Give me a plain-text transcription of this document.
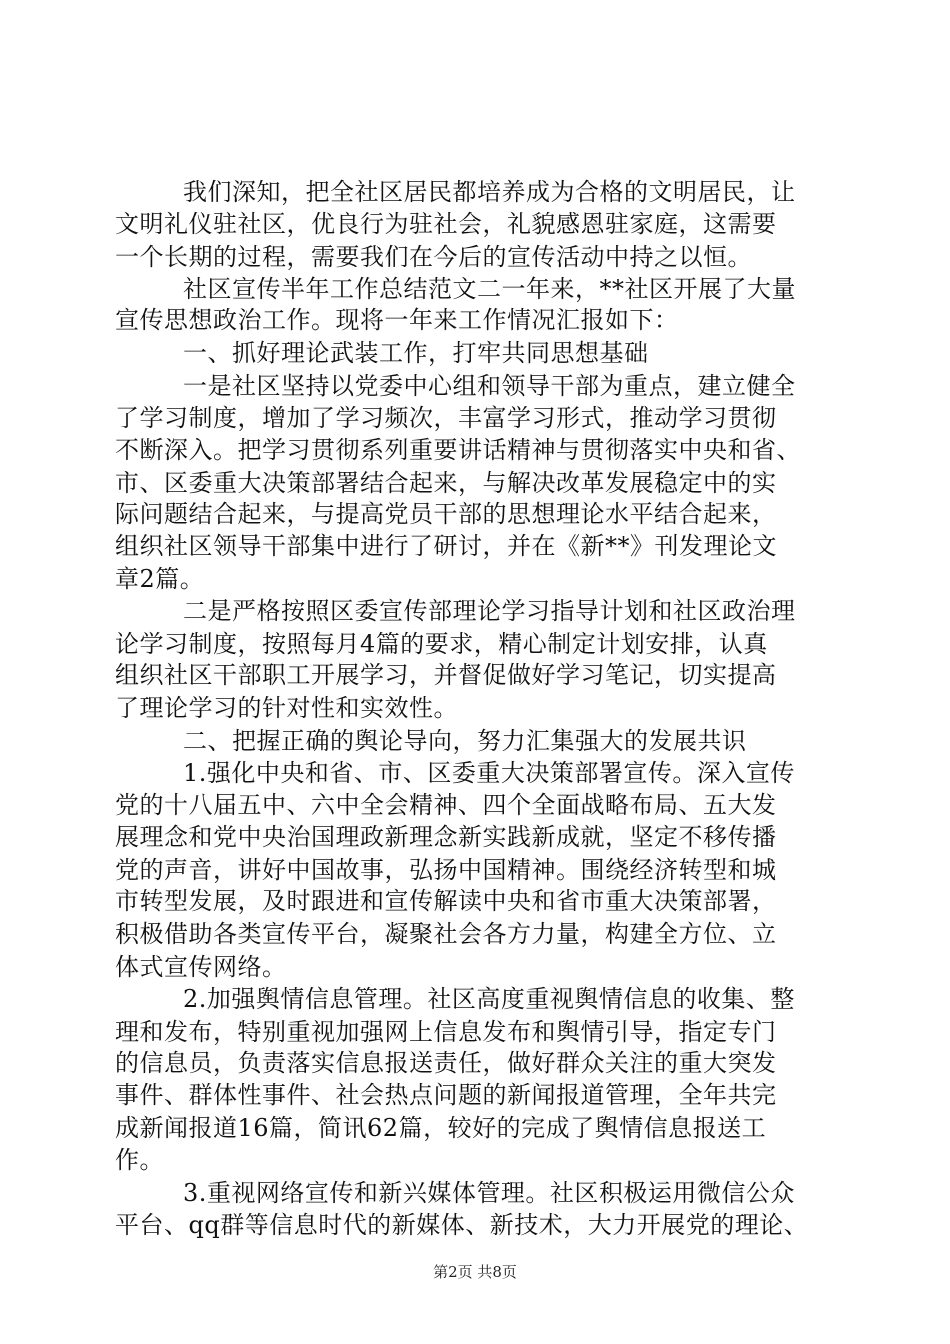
我们深知，把全社区居民都培养成为合格的文明居民，让
文明礼仪驻社区，优良行为驻社会，礼貌感恩驻家庭，这需要
一个长期的过程，需要我们在今后的宣传活动中持之以恒。
社区宣传半年工作总结范文二一年来，**社区开展了大量
宣传思想政治工作。现将一年来工作情况汇报如下：
一、抓好理论武装工作，打牢共同思想基础
一是社区坚持以党委中心组和领导干部为重点，建立健全
了学习制度，增加了学习频次，丰富学习形式，推动学习贯彻
不断深入。把学习贯彻系列重要讲话精神与贯彻落实中央和省、
市、区委重大决策部署结合起来，与解决改革发展稳定中的实
际问题结合起来，与提高党员干部的思想理论水平结合起来，
组织社区领导干部集中进行了研讨，并在《新**》刊发理论文
章2篇。
二是严格按照区委宣传部理论学习指导计划和社区政治理
论学习制度，按照每月4篇的要求，精心制定计划安排，认真
组织社区干部职工开展学习，并督促做好学习笔记，切实提高
了理论学习的针对性和实效性。
二、把握正确的舆论导向，努力汇集强大的发展共识
1.强化中央和省、市、区委重大决策部署宣传。深入宣传
党的十八届五中、六中全会精神、四个全面战略布局、五大发
展理念和党中央治国理政新理念新实践新成就，坚定不移传播
党的声音，讲好中国故事，弘扬中国精神。围绕经济转型和城
市转型发展，及时跟进和宣传解读中央和省市重大决策部署，
积极借助各类宣传平台，凝聚社会各方力量，构建全方位、立
体式宣传网络。
2.加强舆情信息管理。社区高度重视舆情信息的收集、整
理和发布，特别重视加强网上信息发布和舆情引导，指定专门
的信息员，负责落实信息报送责任，做好群众关注的重大突发
事件、群体性事件、社会热点问题的新闻报道管理，全年共完
成新闻报道16篇，简讯62篇，较好的完成了舆情信息报送工
作。
3.重视网络宣传和新兴媒体管理。社区积极运用微信公众
平台、qq群等信息时代的新媒体、新技术，大力开展党的理论、
第2页 共8页
